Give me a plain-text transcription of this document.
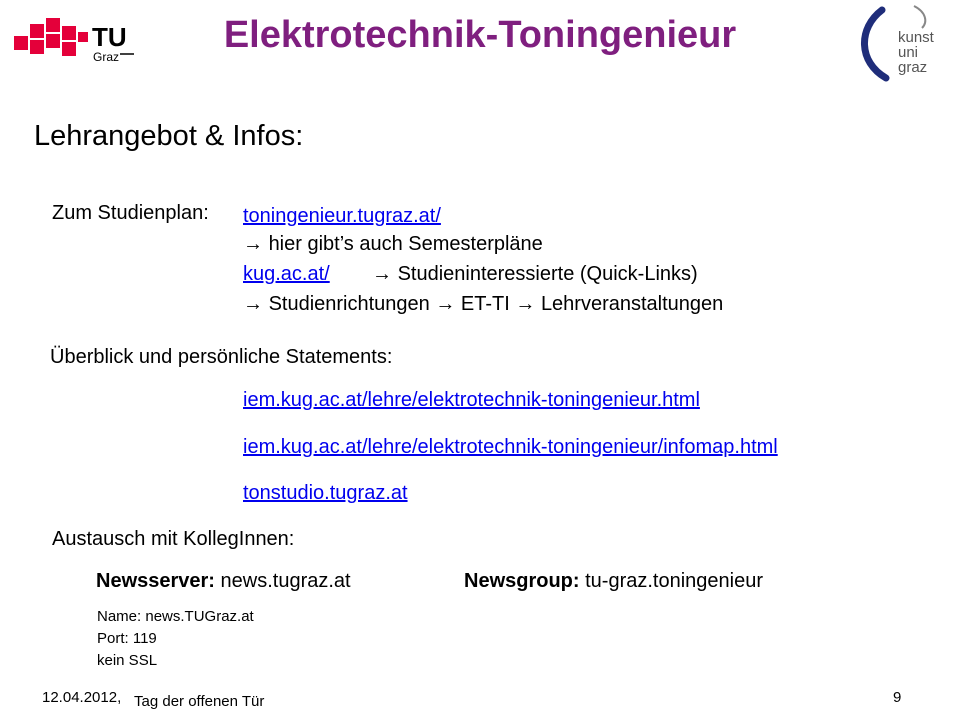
TU
Graz
Elektrotechnik-Toningenieur	kunst
uni
graz
Lehrangebot & Infos:
Zum Studienplan: toningenieur.tugraz.at/
→ hier gibt’s auch Semesterpläne
kug.ac.at/ → Studieninteressierte (Quick-Links)
→ Studienrichtungen → ET-TI → Lehrveranstaltungen
Überblick und persönliche Statements:
iem.kug.ac.at/lehre/elektrotechnik-toningenieur.html
iem.kug.ac.at/lehre/elektrotechnik-toningenieur/infomap.html
tonstudio.tugraz.at
Austausch mit KollegInnen:
Newsserver: news.tugraz.at	Newsgroup: tu-graz.toningenieur
Name: news.TUGraz.at
Port: 119
kein SSL
12.04.2012, Tag der offenen Tür	9
